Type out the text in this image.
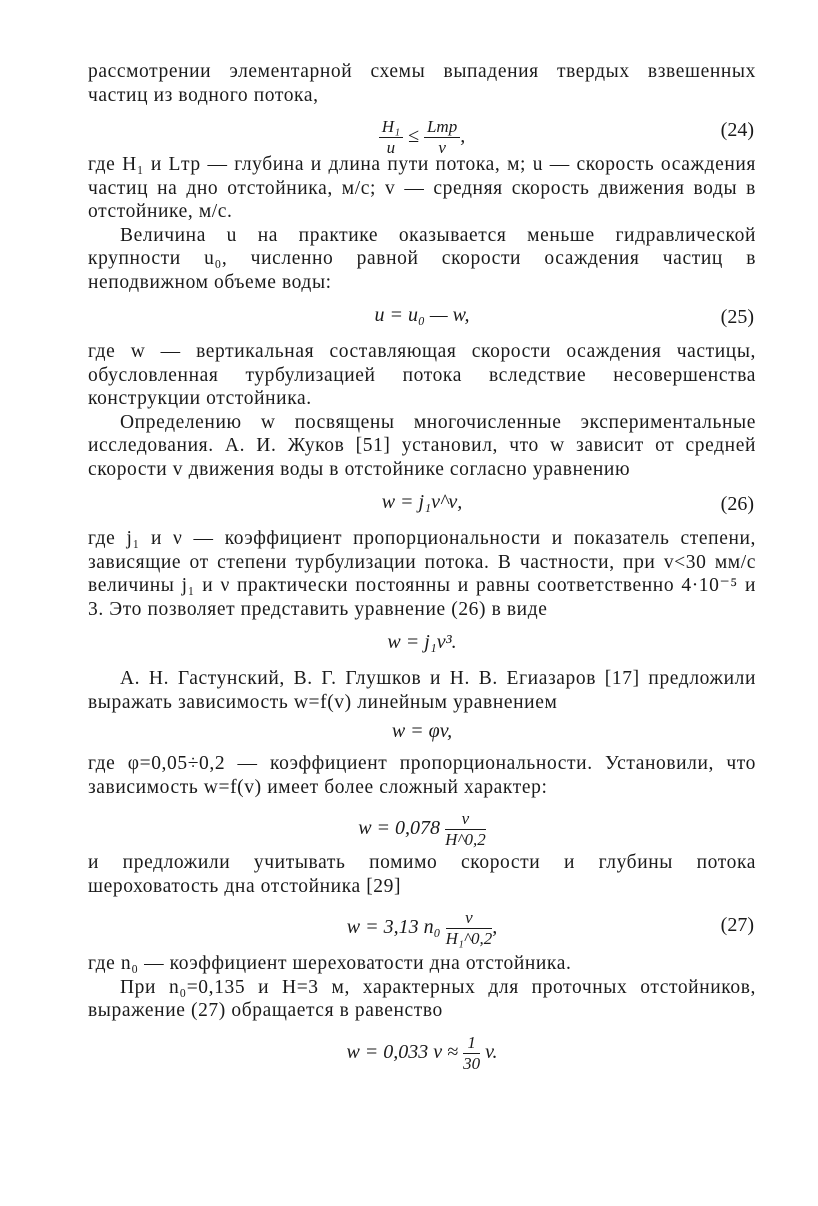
рассмотрении элементарной схемы выпадения твердых взвешенных частиц из водного потока,

$\frac{\text{H₁}}{u} \le \frac{\text{Lтр}}{v}$ ,	(24)

где H₁ и Lтр — глубина и длина пути потока, м; u — скорость осаждения частиц на дно отстойника, м/с; v — средняя скорость движения воды в отстойнике, м/с.

Величина u на практике оказывается меньше гидравлической крупности u₀, численно равной скорости осаждения частиц в неподвижном объеме воды:

u = u₀ — w,	(25)

где w — вертикальная составляющая скорости осаждения частицы, обусловленная турбулизацией потока вследствие несовершенства конструкции отстойника.

Определению w посвящены многочисленные экспериментальные исследования. А. И. Жуков [51] установил, что w зависит от средней скорости v движения воды в отстойнике согласно уравнению

w = j₁v^ν,	(26)

где j₁ и ν — коэффициент пропорциональности и показатель степени, зависящие от степени турбулизации потока. В частности, при v<30 мм/с величины j₁ и ν практически постоянны и равны соответственно 4·10⁻⁵ и 3. Это позволяет представить уравнение (26) в виде

w = j₁v³.

А. Н. Гастунский, В. Г. Глушков и Н. В. Егиазаров [17] предложили выражать зависимость w=f(v) линейным уравнением

w = φv,

где φ=0,05÷0,2 — коэффициент пропорциональности. Установили, что зависимость w=f(v) имеет более сложный характер:

$w = 0,078 \frac{v}{H\^{}0,2}$

и предложили учитывать помимо скорости и глубины потока шероховатость дна отстойника [29]

w = 3,13 $n_0 \frac{v}{\text{H₁\textasciicircum{}0,2}}$ ,	(27)

где n₀ — коэффициент шереховатости дна отстойника.

При n₀=0,135 и H=3 м, характерных для проточных отстойников, выражение (27) обращается в равенство

w = 0,033 $v \approx \frac{1}{30} v$.
